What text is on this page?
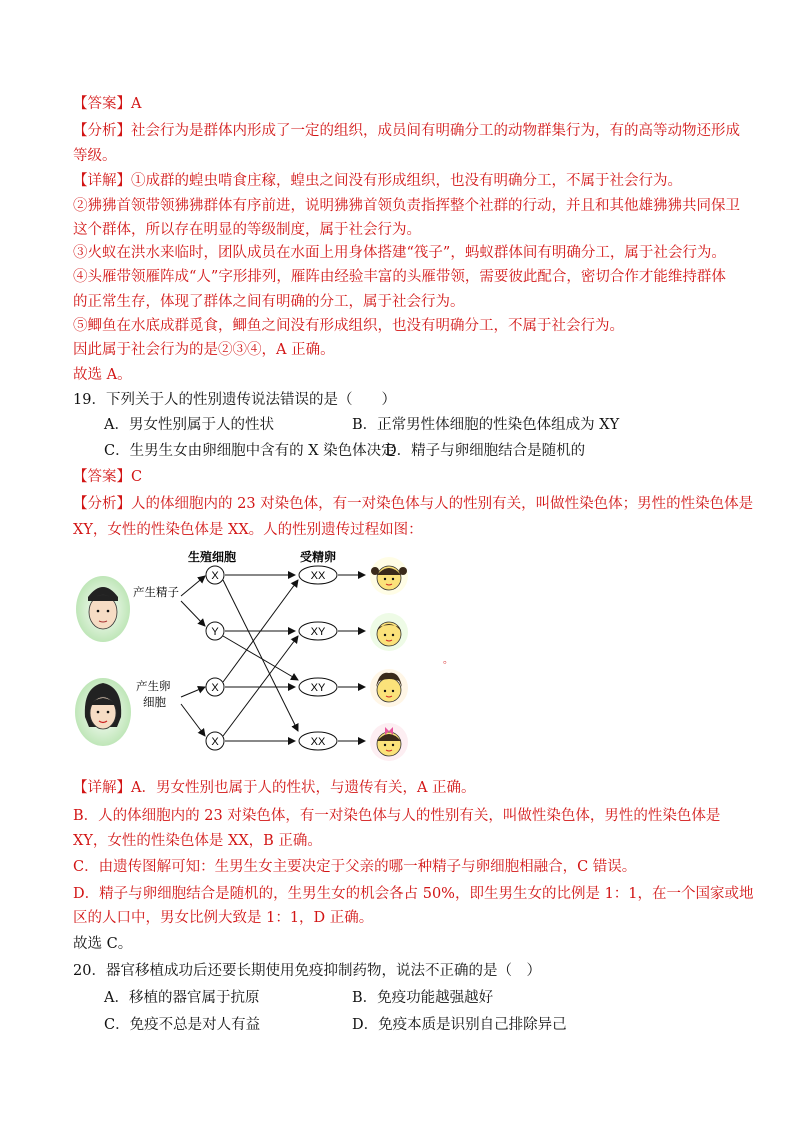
【答案】A
【分析】社会行为是群体内形成了一定的组织，成员间有明确分工的动物群集行为，有的高等动物还形成
等级。
【详解】①成群的蝗虫啃食庄稼，蝗虫之间没有形成组织，也没有明确分工，不属于社会行为。
②狒狒首领带领狒狒群体有序前进，说明狒狒首领负责指挥整个社群的行动，并且和其他雄狒狒共同保卫
这个群体，所以存在明显的等级制度，属于社会行为。
③火蚁在洪水来临时，团队成员在水面上用身体搭建“筏子”，蚂蚁群体间有明确分工，属于社会行为。
④头雁带领雁阵成“人”字形排列，雁阵由经验丰富的头雁带领，需要彼此配合，密切合作才能维持群体
的正常生存，体现了群体之间有明确的分工，属于社会行为。
⑤鲫鱼在水底成群觅食，鲫鱼之间没有形成组织，也没有明确分工，不属于社会行为。
因此属于社会行为的是②③④，A 正确。
故选 A。
19．下列关于人的性别遗传说法错误的是（　　）
A．男女性别属于人的性状	B．正常男性体细胞的性染色体组成为 XY
C．生男生女由卵细胞中含有的 X 染色体决定
D．精子与卵细胞结合是随机的
【答案】C
【分析】人的体细胞内的 23 对染色体，有一对染色体与人的性别有关，叫做性染色体；男性的性染色体是
XY，女性的性染色体是 XX。人的性别遗传过程如图：
生殖细胞	受精卵
产生精子
产生卵
细胞
X
Y
X
X
XX
XY
XY
XX
。
【详解】A．男女性别也属于人的性状，与遗传有关，A 正确。
B．人的体细胞内的 23 对染色体，有一对染色体与人的性别有关，叫做性染色体，男性的性染色体是
XY，女性的性染色体是 XX，B 正确。
C．由遗传图解可知：生男生女主要决定于父亲的哪一种精子与卵细胞相融合，C 错误。
D．精子与卵细胞结合是随机的，生男生女的机会各占 50%，即生男生女的比例是 1：1，在一个国家或地
区的人口中，男女比例大致是 1：1，D 正确。
故选 C。
20．器官移植成功后还要长期使用免疫抑制药物，说法不正确的是（　）
A．移植的器官属于抗原	B．免疫功能越强越好
C．免疫不总是对人有益	D．免疫本质是识别自己排除异己
